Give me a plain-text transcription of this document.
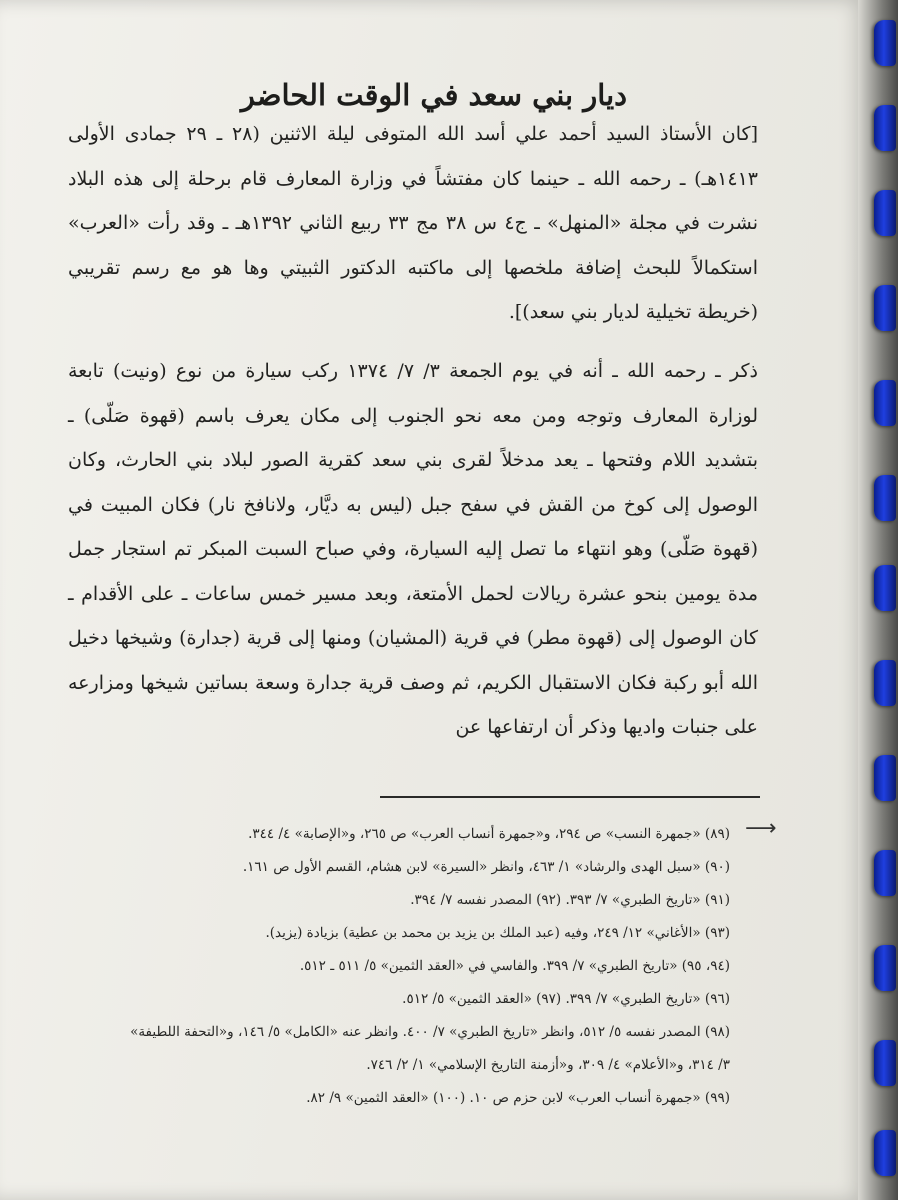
ديار بني سعد في الوقت الحاضر

[كان الأستاذ السيد أحمد علي أسد الله المتوفى ليلة الاثنين (٢٨ ـ ٢٩ جمادى الأولى ١٤١٣هـ) ـ رحمه الله ـ حينما كان مفتشاً في وزارة المعارف قام برحلة إلى هذه البلاد نشرت في مجلة «المنهل» ـ ج٤ س ٣٨ مج ٣٣ ربيع الثاني ١٣٩٢هـ ـ وقد رأت «العرب» استكمالاً للبحث إضافة ملخصها إلى ماكتبه الدكتور الثبيتي وها هو مع رسم تقريبي (خريطة تخيلية لديار بني سعد)].

ذكر ـ رحمه الله ـ أنه في يوم الجمعة ٣/ ٧/ ١٣٧٤ ركب سيارة من نوع (ونيت) تابعة لوزارة المعارف وتوجه ومن معه نحو الجنوب إلى مكان يعرف باسم (قهوة صَلّى) ـ بتشديد اللام وفتحها ـ يعد مدخلاً لقرى بني سعد كقرية الصور لبلاد بني الحارث، وكان الوصول إلى كوخ من القش في سفح جبل (ليس به ديَّار، ولانافخ نار) فكان المبيت في (قهوة صَلّى) وهو انتهاء ما تصل إليه السيارة، وفي صباح السبت المبكر تم استجار جمل مدة يومين بنحو عشرة ريالات لحمل الأمتعة، وبعد مسير خمس ساعات ـ على الأقدام ـ كان الوصول إلى (قهوة مطر) في قرية (المشيان) ومنها إلى قرية (جدارة) وشيخها دخيل الله أبو ركبة فكان الاستقبال الكريم، ثم وصف قرية جدارة وسعة بساتين شيخها ومزارعه على جنبات واديها وذكر أن ارتفاعها عن

⟶
(٨٩) «جمهرة النسب» ص ٢٩٤، و«جمهرة أنساب العرب» ص ٢٦٥، و«الإصابة» ٤/ ٣٤٤.
(٩٠) «سبل الهدى والرشاد» ١/ ٤٦٣، وانظر «السيرة» لابن هشام، القسم الأول ص ١٦١.
(٩١) «تاريخ الطبري» ٧/ ٣٩٣. (٩٢) المصدر نفسه ٧/ ٣٩٤.
(٩٣) «الأغاني» ١٢/ ٢٤٩، وفيه (عبد الملك بن يزيد بن محمد بن عطية) بزيادة (يزيد).
(٩٤، ٩٥) «تاريخ الطبري» ٧/ ٣٩٩. والفاسي في «العقد الثمين» ٥/ ٥١١ ـ ٥١٢.
(٩٦) «تاريخ الطبري» ٧/ ٣٩٩. (٩٧) «العقد الثمين» ٥/ ٥١٢.
(٩٨) المصدر نفسه ٥/ ٥١٢، وانظر «تاريخ الطبري» ٧/ ٤٠٠. وانظر عنه «الكامل» ٥/ ١٤٦، و«التحفة اللطيفة»
٣/ ٣١٤، و«الأعلام» ٤/ ٣٠٩، و«أزمنة التاريخ الإسلامي» ١/ ٢/ ٧٤٦.
(٩٩) «جمهرة أنساب العرب» لابن حزم ص ١٠. (١٠٠) «العقد الثمين» ٩/ ٨٢.
